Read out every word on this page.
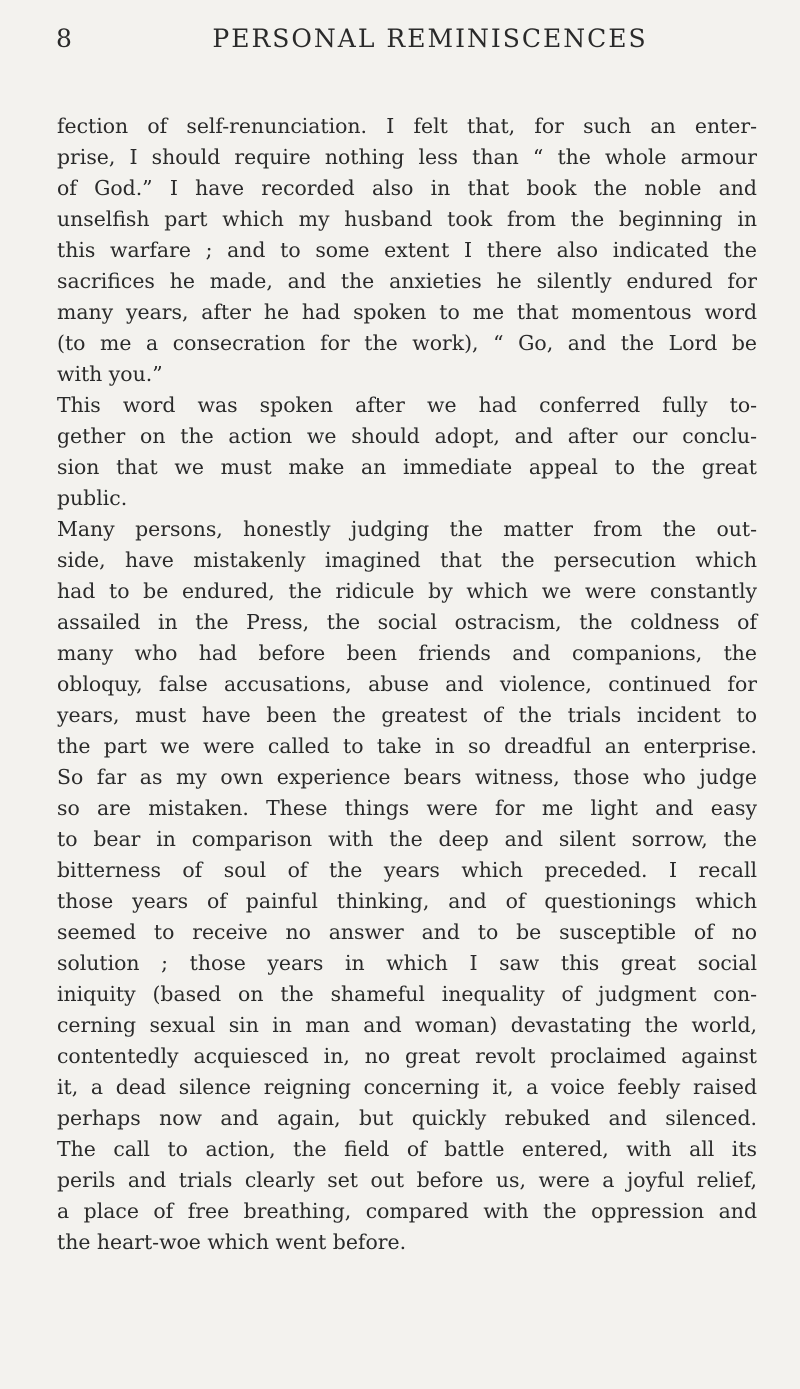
8	PERSONAL REMINISCENCES
fection of self-renunciation. I felt that, for such an enter-
prise, I should require nothing less than “ the whole armour
of God.” I have recorded also in that book the noble and
unselfish part which my husband took from the beginning in
this warfare ; and to some extent I there also indicated the
sacrifices he made, and the anxieties he silently endured for
many years, after he had spoken to me that momentous word
(to me a consecration for the work), “ Go, and the Lord be
with you.”
This word was spoken after we had conferred fully to-
gether on the action we should adopt, and after our conclu-
sion that we must make an immediate appeal to the great
public.
Many persons, honestly judging the matter from the out-
side, have mistakenly imagined that the persecution which
had to be endured, the ridicule by which we were constantly
assailed in the Press, the social ostracism, the coldness of
many who had before been friends and companions, the
obloquy, false accusations, abuse and violence, continued for
years, must have been the greatest of the trials incident to
the part we were called to take in so dreadful an enterprise.
So far as my own experience bears witness, those who judge
so are mistaken. These things were for me light and easy
to bear in comparison with the deep and silent sorrow, the
bitterness of soul of the years which preceded. I recall
those years of painful thinking, and of questionings which
seemed to receive no answer and to be susceptible of no
solution ; those years in which I saw this great social
iniquity (based on the shameful inequality of judgment con-
cerning sexual sin in man and woman) devastating the world,
contentedly acquiesced in, no great revolt proclaimed against
it, a dead silence reigning concerning it, a voice feebly raised
perhaps now and again, but quickly rebuked and silenced.
The call to action, the field of battle entered, with all its
perils and trials clearly set out before us, were a joyful relief,
a place of free breathing, compared with the oppression and
the heart-woe which went before.
